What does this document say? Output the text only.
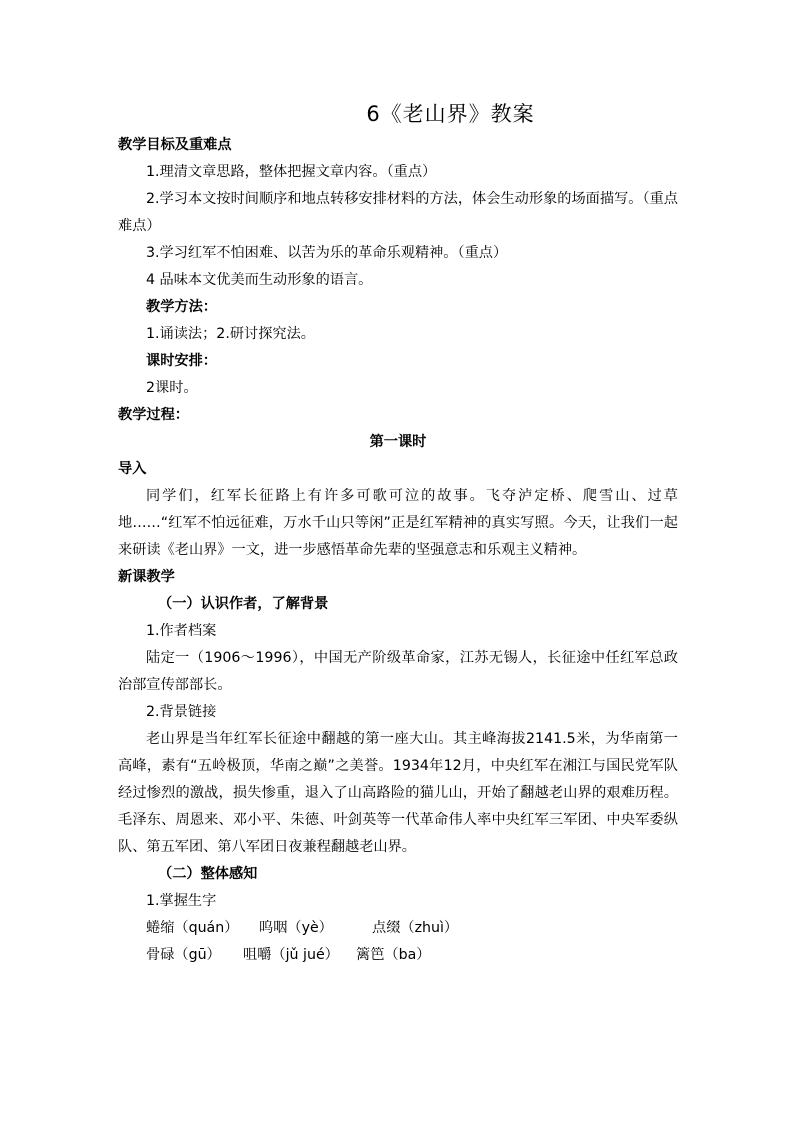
6《老山界》教案

教学目标及重难点

1.理清文章思路，整体把握文章内容。（重点）

2.学习本文按时间顺序和地点转移安排材料的方法，体会生动形象的场面描写。（重点难点）

3.学习红军不怕困难、以苦为乐的革命乐观精神。（重点）

4 品味本文优美而生动形象的语言。

教学方法：

1.诵读法；2.研讨探究法。

课时安排：

2课时。

教学过程：

第一课时

导入

同学们，红军长征路上有许多可歌可泣的故事。飞夺泸定桥、爬雪山、过草地……“红军不怕远征难，万水千山只等闲”正是红军精神的真实写照。今天，让我们一起来研读《老山界》一文，进一步感悟革命先辈的坚强意志和乐观主义精神。

新课教学

（一）认识作者，了解背景

1.作者档案

陆定一（1906～1996），中国无产阶级革命家，江苏无锡人，长征途中任红军总政治部宣传部部长。

2.背景链接

老山界是当年红军长征途中翻越的第一座大山。其主峰海拔2141.5米，为华南第一高峰，素有“五岭极顶，华南之巅”之美誉。1934年12月，中央红军在湘江与国民党军队经过惨烈的激战，损失惨重，退入了山高路险的猫儿山，开始了翻越老山界的艰难历程。毛泽东、周恩来、邓小平、朱德、叶剑英等一代革命伟人率中央红军三军团、中央军委纵队、第五军团、第八军团日夜兼程翻越老山界。

（二）整体感知

1.掌握生字

蜷缩（quán）	呜咽（yè）	点缀（zhuì）
骨碌（gū）	咀嚼（jǔ jué）	篱笆（ba）
